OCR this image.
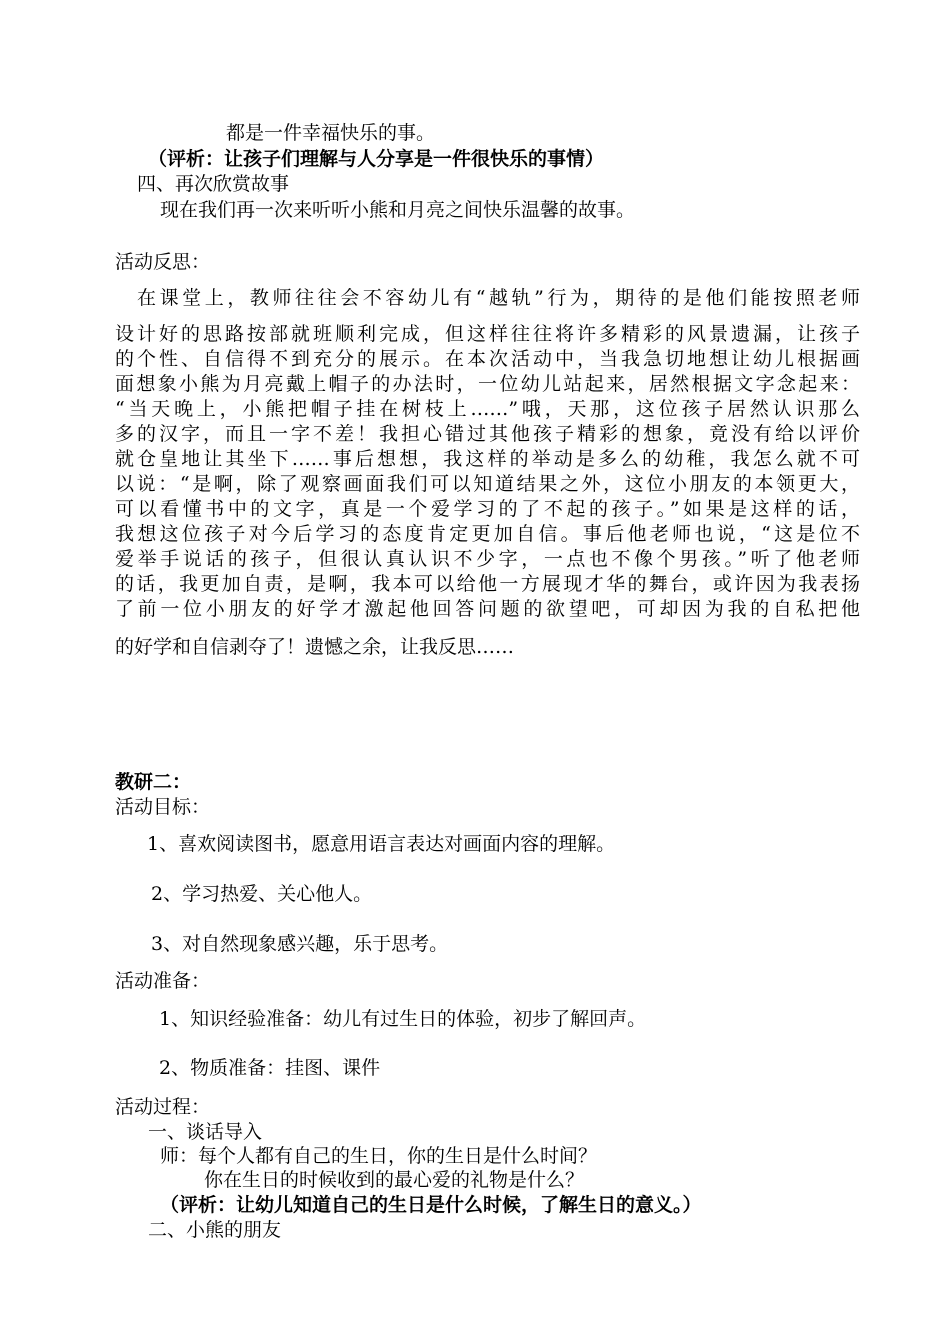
都是一件幸福快乐的事。
（评析：让孩子们理解与人分享是一件很快乐的事情）
四、再次欣赏故事
现在我们再一次来听听小熊和月亮之间快乐温馨的故事。
活动反思：
在课堂上，教师往往会不容幼儿有“越轨”行为，期待的是他们能按照老师
设计好的思路按部就班顺利完成，但这样往往将许多精彩的风景遗漏，让孩子
的个性、自信得不到充分的展示。在本次活动中，当我急切地想让幼儿根据画
面想象小熊为月亮戴上帽子的办法时，一位幼儿站起来，居然根据文字念起来：
“当天晚上，小熊把帽子挂在树枝上……”哦，天那，这位孩子居然认识那么
多的汉字，而且一字不差！我担心错过其他孩子精彩的想象，竟没有给以评价
就仓皇地让其坐下……事后想想，我这样的举动是多么的幼稚，我怎么就不可
以说：“是啊，除了观察画面我们可以知道结果之外，这位小朋友的本领更大，
可以看懂书中的文字，真是一个爱学习的了不起的孩子。”如果是这样的话，
我想这位孩子对今后学习的态度肯定更加自信。事后他老师也说，“这是位不
爱举手说话的孩子，但很认真认识不少字，一点也不像个男孩。”听了他老师
的话，我更加自责，是啊，我本可以给他一方展现才华的舞台，或许因为我表扬
了前一位小朋友的好学才激起他回答问题的欲望吧，可却因为我的自私把他
的好学和自信剥夺了！遗憾之余，让我反思……
教研二：
活动目标：
1、喜欢阅读图书，愿意用语言表达对画面内容的理解。
2、学习热爱、关心他人。
3、对自然现象感兴趣，乐于思考。
活动准备：
1、知识经验准备：幼儿有过生日的体验，初步了解回声。
2、物质准备：挂图、课件
活动过程：
一、谈话导入
师：每个人都有自己的生日，你的生日是什么时间？
你在生日的时候收到的最心爱的礼物是什么？
（评析：让幼儿知道自己的生日是什么时候，了解生日的意义。）
二、小熊的朋友
